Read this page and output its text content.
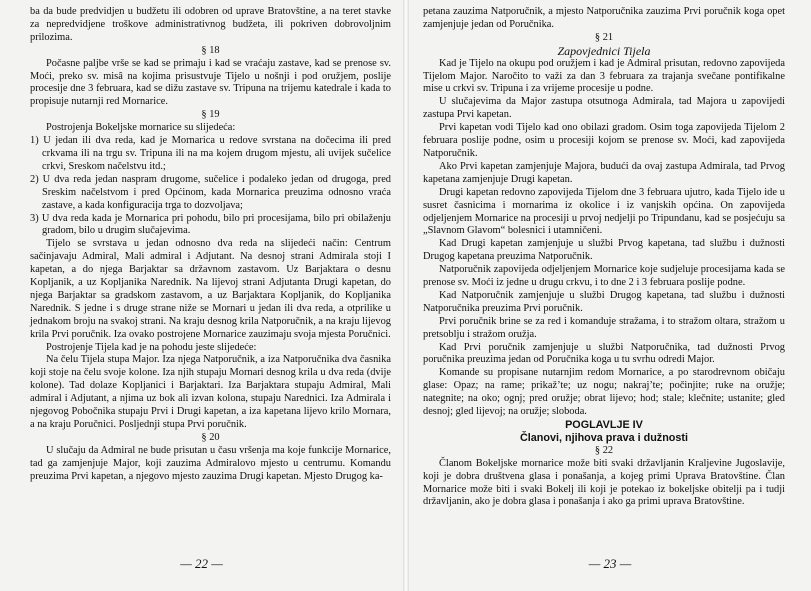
ba da bude predvidjen u budžetu ili odobren od uprave Bratovštine, a na teret stavke za nepredvidjene troškove administrativnog budžeta, ili pokriven dobrovoljnim prilozima.

§ 18

Počasne paljbe vrše se kad se primaju i kad se vraćaju zastave, kad se prenose sv. Moći, preko sv. misâ na kojima prisustvuje Tijelo u nošnji i pod oružjem, poslije procesije dne 3 februara, kad se dižu zastave sv. Tripuna na trijemu katedrale i kada to propisuje nutarnji red Mornarice.

§ 19

Postrojenja Bokeljske mornarice su slijedeća:

1) U jedan ili dva reda, kad je Mornarica u redove svrstana na dočecima ili pred crkvama ili na trgu sv. Tripuna ili na ma kojem drugom mjestu, ali uvijek sučelice crkvi, Sreskom načelstvu itd.;

2) U dva reda jedan naspram drugome, sučelice i podaleko jedan od drugoga, pred Sreskim načelstvom i pred Općinom, kada Mornarica preuzima odnosno vraća zastave, a kada konfiguracija trga to dozvoljava;

3) U dva reda kada je Mornarica pri pohodu, bilo pri procesijama, bilo pri obilaženju gradom, bilo u drugim slučajevima.

Tijelo se svrstava u jedan odnosno dva reda na slijedeći način: Centrum sačinjavaju Admiral, Mali admiral i Adjutant. Na desnoj strani Admirala stoji I kapetan, a do njega Barjaktar sa državnom zastavom. Uz Barjaktara o desnu Kopljanik, a uz Kopljanika Narednik. Na lijevoj strani Adjutanta Drugi kapetan, do njega Barjaktar sa gradskom zastavom, a uz Barjaktara Kopljanik, do Kopljanika Narednik. S jedne i s druge strane niže se Mornari u jedan ili dva reda, a otprilike u jednakom broju na svakoj strani. Na kraju desnog krila Natporučnik, a na kraju lijevog krila Prvi poručnik. Iza ovako postrojene Mornarice zauzimaju svoja mjesta Poručnici.

Postrojenje Tijela kad je na pohodu jeste slijedeće:

Na čelu Tijela stupa Major. Iza njega Natporučnik, a iza Natporučnika dva časnika koji stoje na čelu svoje kolone. Iza njih stupaju Mornari desnog krila u dva reda (dvije kolone). Tad dolaze Kopljanici i Barjaktari. Iza Barjaktara stupaju Admiral, Mali admiral i Adjutant, a njima uz bok ali izvan kolona, stupaju Narednici. Iza Admirala i njegovog Pobočnika stupaju Prvi i Drugi kapetan, a iza kapetana lijevo krilo Mornara, a na kraju Poručnici. Posljednji stupa Prvi poručnik.

§ 20

U slučaju da Admiral ne bude prisutan u času vršenja ma koje funkcije Mornarice, tad ga zamjenjuje Major, koji zauzima Admiralovo mjesto u centrumu. Komandu preuzima Prvi kapetan, a njegovo mjesto zauzima Drugi kapetan. Mjesto Drugog ka-

— 22 —

petana zauzima Natporučnik, a mjesto Natporučnika zauzima Prvi poručnik koga opet zamjenjuje jedan od Poručnika.

§ 21

Zapovjednici Tijela

Kad je Tijelo na okupu pod oružjem i kad je Admiral prisutan, redovno zapovijeda Tijelom Major. Naročito to važi za dan 3 februara za trajanja svečane pontifikalne mise u crkvi sv. Tripuna i za vrijeme procesije u podne.

U slučajevima da Major zastupa otsutnoga Admirala, tad Majora u zapovijedi zastupa Prvi kapetan.

Prvi kapetan vodi Tijelo kad ono obilazi gradom. Osim toga zapovijeda Tijelom 2 februara poslije podne, osim u procesiji kojom se prenose sv. Moći, kad zapovijeda Natporučnik.

Ako Prvi kapetan zamjenjuje Majora, budući da ovaj zastupa Admirala, tad Prvog kapetana zamjenjuje Drugi kapetan.

Drugi kapetan redovno zapovijeda Tijelom dne 3 februara ujutro, kada Tijelo ide u susret časnicima i mornarima iz okolice i iz vanjskih općina. On zapovijeda odjeljenjem Mornarice na procesiji u prvoj nedjelji po Tripundanu, kad se posjećuju sa „Slavnom Glavom“ bolesnici i utamničeni.

Kad Drugi kapetan zamjenjuje u službi Prvog kapetana, tad službu i dužnosti Drugog kapetana preuzima Natporučnik.

Natporučnik zapovijeda odjeljenjem Mornarice koje sudjeluje procesijama kada se prenose sv. Moći iz jedne u drugu crkvu, i to dne 2 i 3 februara poslije podne.

Kad Natporučnik zamjenjuje u službi Drugog kapetana, tad službu i dužnosti Natporučnika preuzima Prvi poručnik.

Prvi poručnik brine se za red i komanduje stražama, i to stražom oltara, stražom u pretsoblju i stražom oružja.

Kad Prvi poručnik zamjenjuje u službi Natporučnika, tad dužnosti Prvog poručnika preuzima jedan od Poručnika koga u tu svrhu odredi Major.

Komande su propisane nutarnjim redom Mornarice, a po starodrevnom običaju glase: Opaz; na rame; prikaž’te; uz nogu; nakraj’te; počinjite; ruke na oružje; nategnite; na oko; ognj; pred oružje; obrat lijevo; hod; stale; klečnite; ustanite; gled desnoj; gled lijevoj; na oružje; sloboda.

POGLAVLJE IV

Članovi, njihova prava i dužnosti

§ 22

Članom Bokeljske mornarice može biti svaki državljanin Kraljevine Jugoslavije, koji je dobra društvena glasa i ponašanja, a kojeg primi Uprava Bratovštine. Član Mornarice može biti i svaki Bokelj ili koji je potekao iz bokeljske obitelji pa i tudji državljanin, ako je dobra glasa i ponašanja i ako ga primi uprava Bratovštine.

— 23 —
